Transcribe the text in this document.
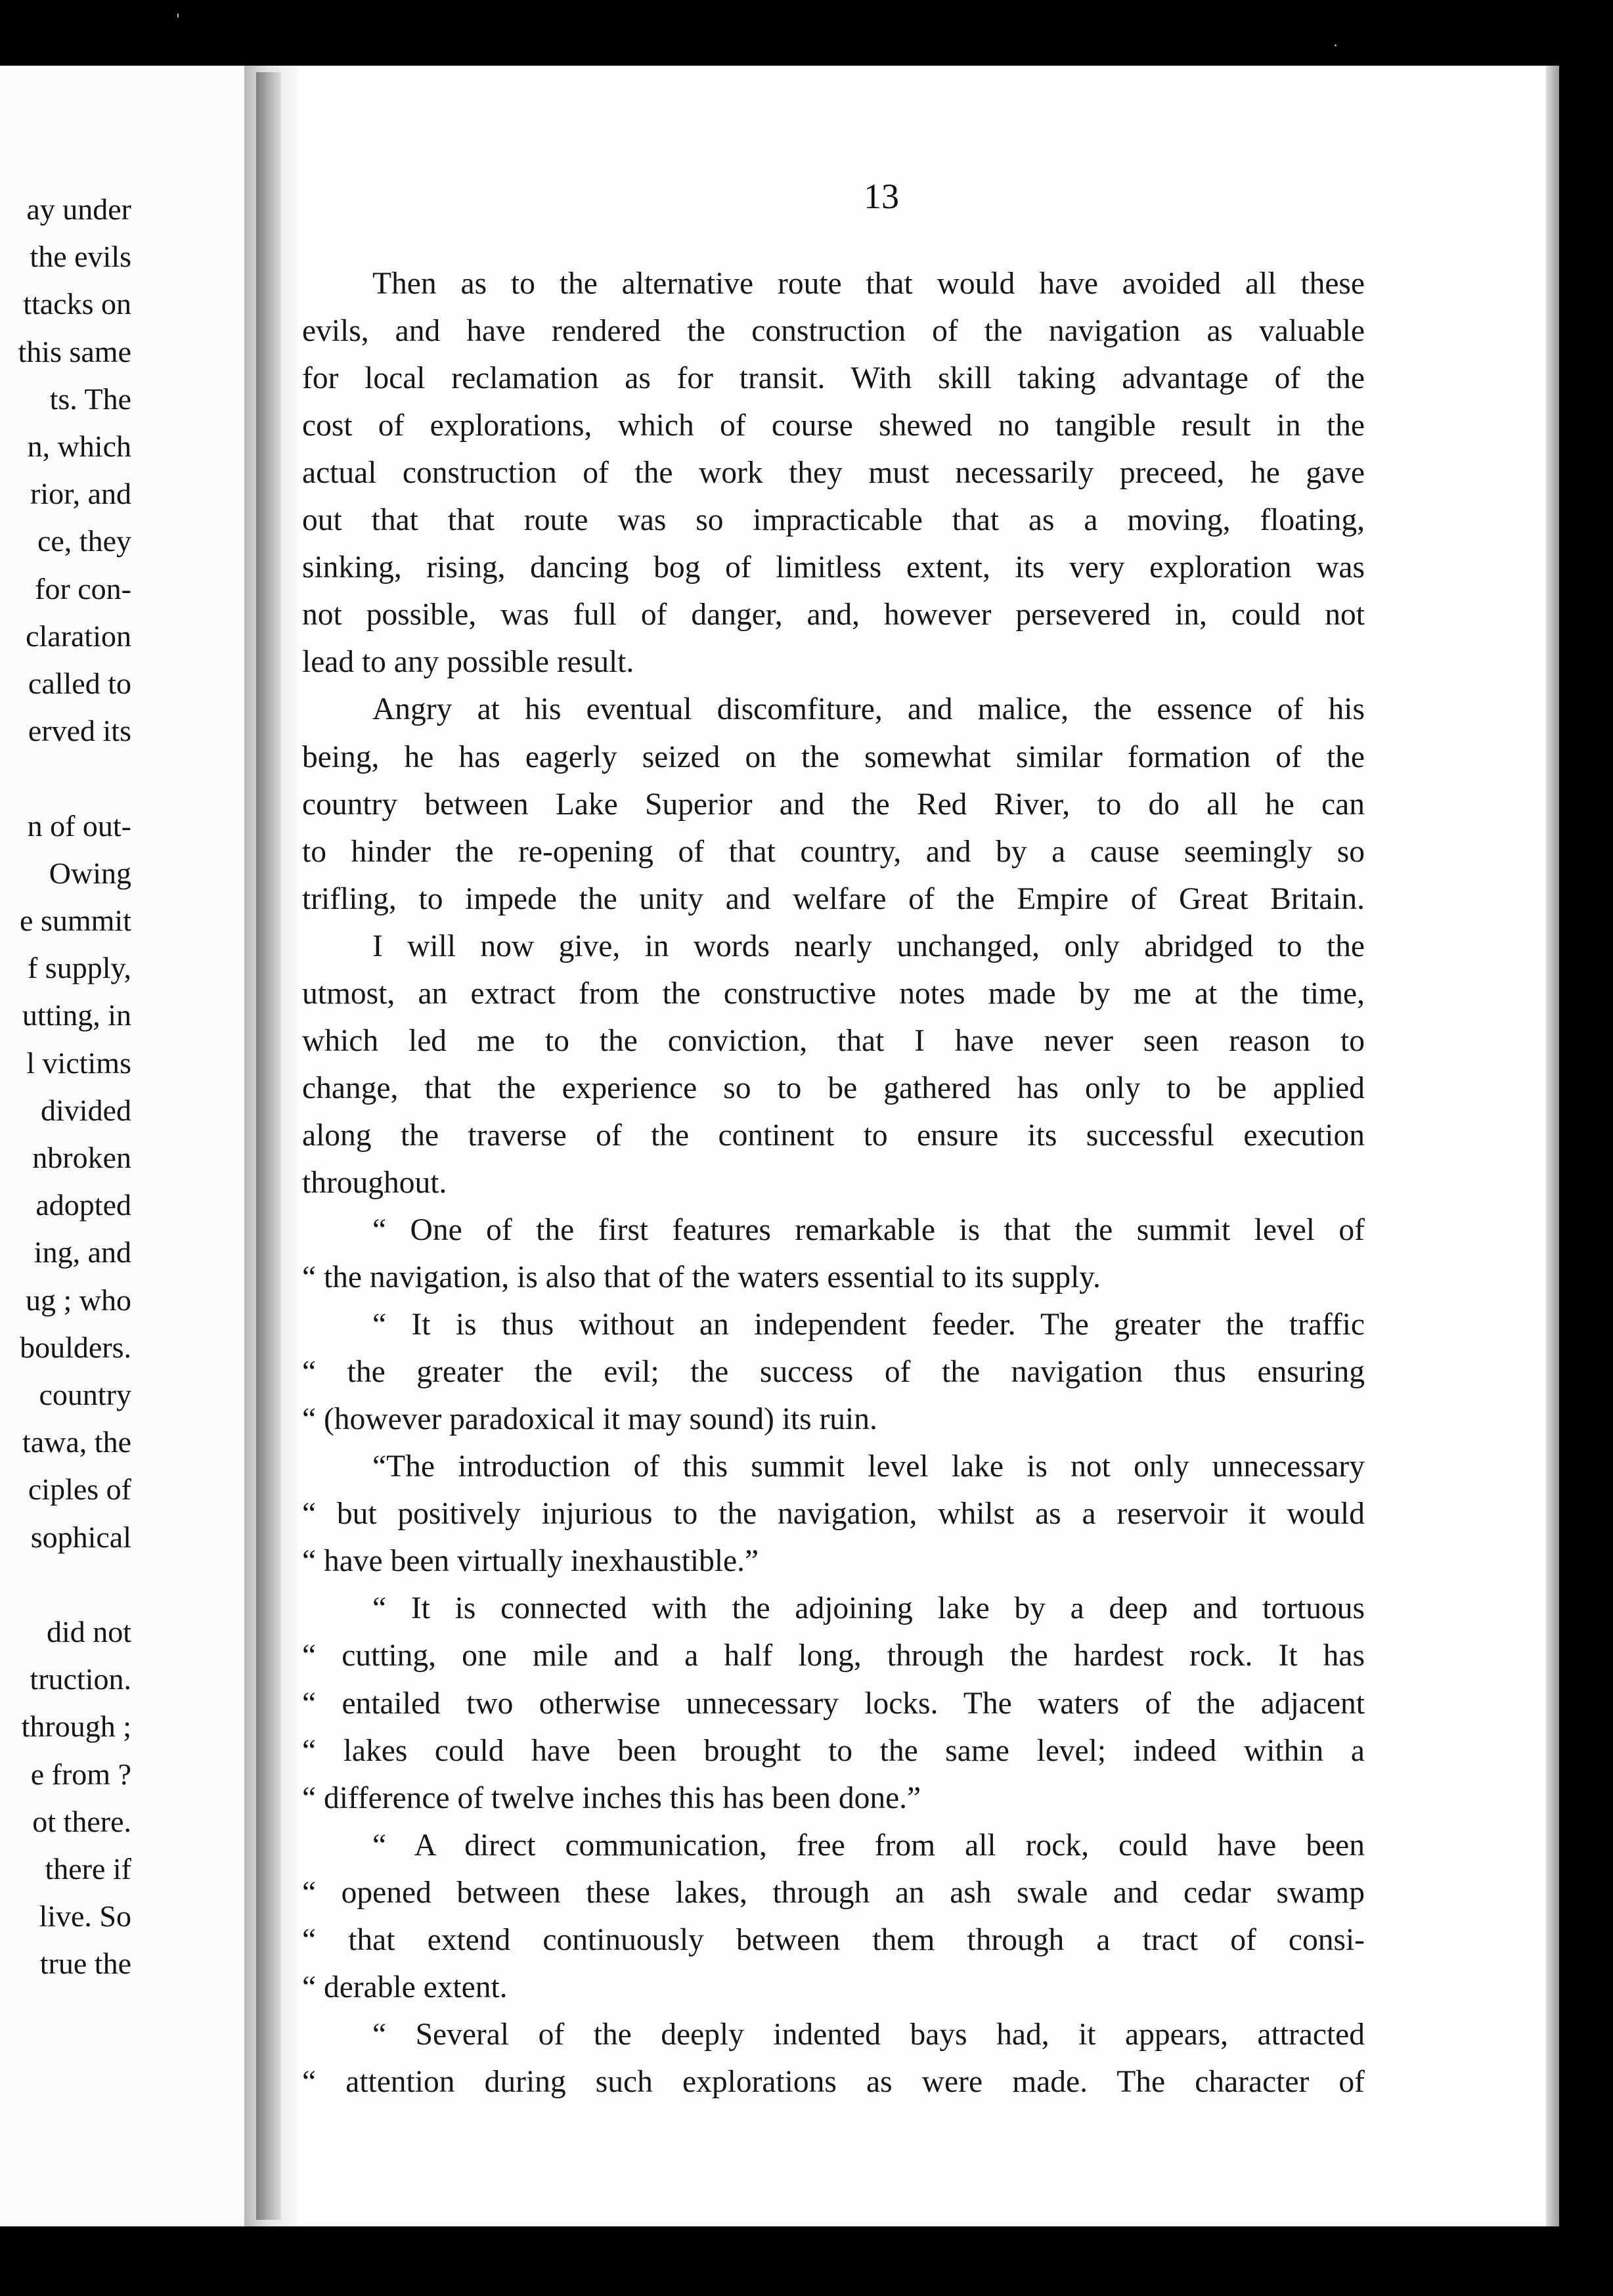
ay under
the evils
ttacks on
this same
ts. The
n, which
rior, and
ce, they
for con-
claration
called to
erved its
n of out-
Owing
e summit
f supply,
utting, in
l victims
divided
nbroken
adopted
ing, and
ug ; who
boulders.
country
tawa, the
ciples of
sophical
did not
truction.
through ;
e from ?
ot there.
there if
live. So
true the
13
Then as to the alternative route that would have avoided all these
evils, and have rendered the construction of the navigation as valuable
for local reclamation as for transit. With skill taking advantage of the
cost of explorations, which of course shewed no tangible result in the
actual construction of the work they must necessarily preceed, he gave
out that that route was so impracticable that as a moving, floating,
sinking, rising, dancing bog of limitless extent, its very exploration was
not possible, was full of danger, and, however persevered in, could not
lead to any possible result.
Angry at his eventual discomfiture, and malice, the essence of his
being, he has eagerly seized on the somewhat similar formation of the
country between Lake Superior and the Red River, to do all he can
to hinder the re-opening of that country, and by a cause seemingly so
trifling, to impede the unity and welfare of the Empire of Great Britain.
I will now give, in words nearly unchanged, only abridged to the
utmost, an extract from the constructive notes made by me at the time,
which led me to the conviction, that I have never seen reason to
change, that the experience so to be gathered has only to be applied
along the traverse of the continent to ensure its successful execution
throughout.
“ One of the first features remarkable is that the summit level of
“ the navigation, is also that of the waters essential to its supply.
“ It is thus without an independent feeder. The greater the traffic
“ the greater the evil; the success of the navigation thus ensuring
“ (however paradoxical it may sound) its ruin.
“The introduction of this summit level lake is not only unnecessary
“ but positively injurious to the navigation, whilst as a reservoir it would
“ have been virtually inexhaustible.”
“ It is connected with the adjoining lake by a deep and tortuous
“ cutting, one mile and a half long, through the hardest rock. It has
“ entailed two otherwise unnecessary locks. The waters of the adjacent
“ lakes could have been brought to the same level; indeed within a
“ difference of twelve inches this has been done.”
“ A direct communication, free from all rock, could have been
“ opened between these lakes, through an ash swale and cedar swamp
“ that extend continuously between them through a tract of consi-
“ derable extent.
“ Several of the deeply indented bays had, it appears, attracted
“ attention during such explorations as were made. The character of
'
·
